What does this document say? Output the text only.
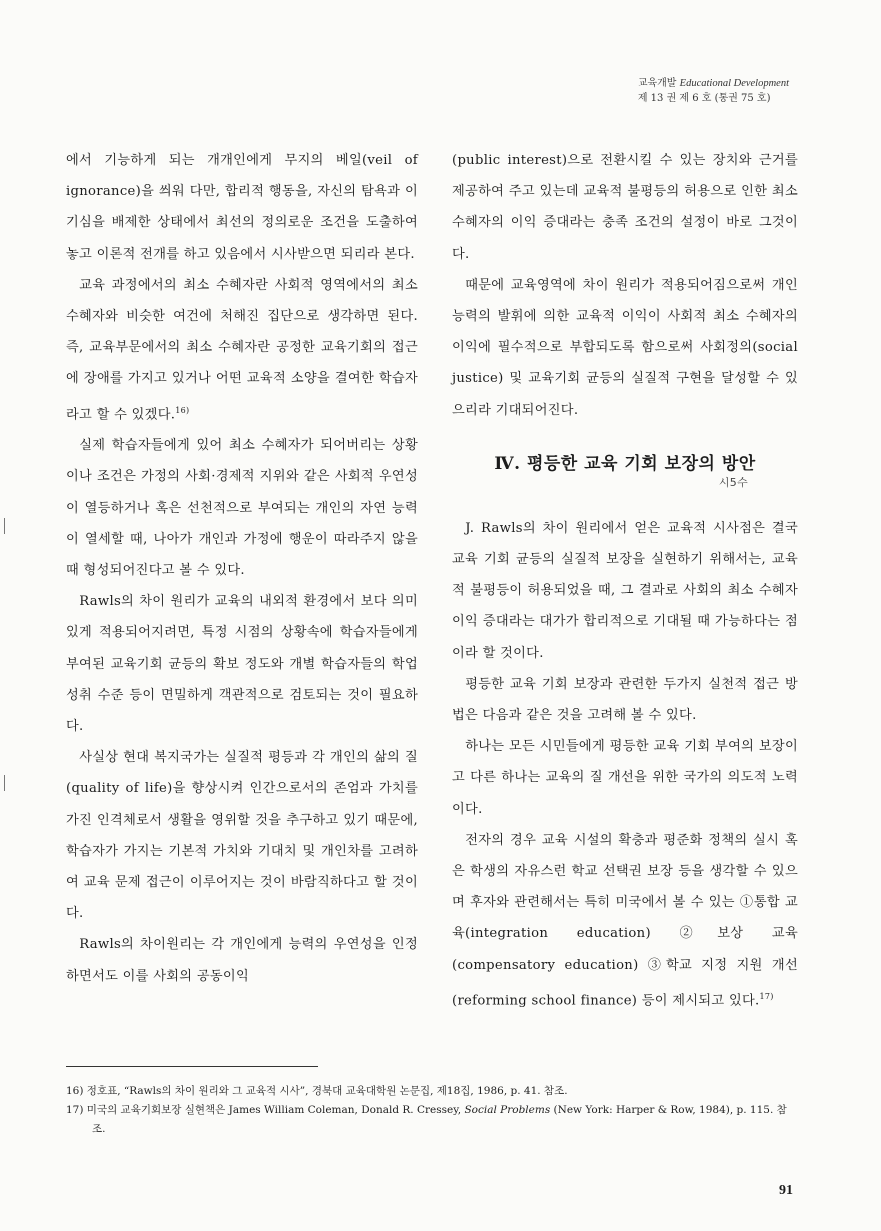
교육개발 Educational Development
제 13 권 제 6 호 (통권 75 호)

에서 기능하게 되는 개개인에게 무지의 베일(veil of ignorance)을 씌워 다만, 합리적 행동을, 자신의 탐욕과 이기심을 배제한 상태에서 최선의 정의로운 조건을 도출하여 놓고 이론적 전개를 하고 있음에서 시사받으면 되리라 본다.

교육 과정에서의 최소 수혜자란 사회적 영역에서의 최소 수혜자와 비슷한 여건에 처해진 집단으로 생각하면 된다. 즉, 교육부문에서의 최소 수혜자란 공정한 교육기회의 접근에 장애를 가지고 있거나 어떤 교육적 소양을 결여한 학습자라고 할 수 있겠다.$^{16)}$

실제 학습자들에게 있어 최소 수혜자가 되어버리는 상황이나 조건은 가정의 사회·경제적 지위와 같은 사회적 우연성이 열등하거나 혹은 선천적으로 부여되는 개인의 자연 능력이 열세할 때, 나아가 개인과 가정에 행운이 따라주지 않을 때 형성되어진다고 볼 수 있다.

Rawls의 차이 원리가 교육의 내외적 환경에서 보다 의미있게 적용되어지려면, 특정 시점의 상황속에 학습자들에게 부여된 교육기회 균등의 확보 정도와 개별 학습자들의 학업 성취 수준 등이 면밀하게 객관적으로 검토되는 것이 필요하다.

사실상 현대 복지국가는 실질적 평등과 각 개인의 삶의 질(quality of life)을 향상시켜 인간으로서의 존엄과 가치를 가진 인격체로서 생활을 영위할 것을 추구하고 있기 때문에, 학습자가 가지는 기본적 가치와 기대치 및 개인차를 고려하여 교육 문제 접근이 이루어지는 것이 바람직하다고 할 것이다.

Rawls의 차이원리는 각 개인에게 능력의 우연성을 인정하면서도 이를 사회의 공동이익

(public interest)으로 전환시킬 수 있는 장치와 근거를 제공하여 주고 있는데 교육적 불평등의 허용으로 인한 최소 수혜자의 이익 증대라는 충족 조건의 설정이 바로 그것이다.

때문에 교육영역에 차이 원리가 적용되어짐으로써 개인 능력의 발휘에 의한 교육적 이익이 사회적 최소 수혜자의 이익에 필수적으로 부합되도록 함으로써 사회정의(social justice) 및 교육기회 균등의 실질적 구현을 달성할 수 있으리라 기대되어진다.

Ⅳ. 평등한 교육 기회 보장의 방안
시5수

J. Rawls의 차이 원리에서 얻은 교육적 시사점은 결국 교육 기회 균등의 실질적 보장을 실현하기 위해서는, 교육적 불평등이 허용되었을 때, 그 결과로 사회의 최소 수혜자 이익 증대라는 대가가 합리적으로 기대될 때 가능하다는 점이라 할 것이다.

평등한 교육 기회 보장과 관련한 두가지 실천적 접근 방법은 다음과 같은 것을 고려해 볼 수 있다.

하나는 모든 시민들에게 평등한 교육 기회 부여의 보장이고 다른 하나는 교육의 질 개선을 위한 국가의 의도적 노력이다.

전자의 경우 교육 시설의 확충과 평준화 정책의 실시 혹은 학생의 자유스런 학교 선택권 보장 등을 생각할 수 있으며 후자와 관련해서는 특히 미국에서 볼 수 있는 ①통합 교육(integration education) ②보상 교육(compensatory education) ③학교 지정 지원 개선(reforming school finance) 등이 제시되고 있다.$^{17)}$

16) 정호표, “Rawls의 차이 원리와 그 교육적 시사”, 경북대 교육대학원 논문집, 제18집, 1986, p. 41. 참조.
17) 미국의 교육기회보장 실현책은 James William Coleman, Donald R. Cressey, Social Problems (New York: Harper & Row, 1984), p. 115. 참조.
91
